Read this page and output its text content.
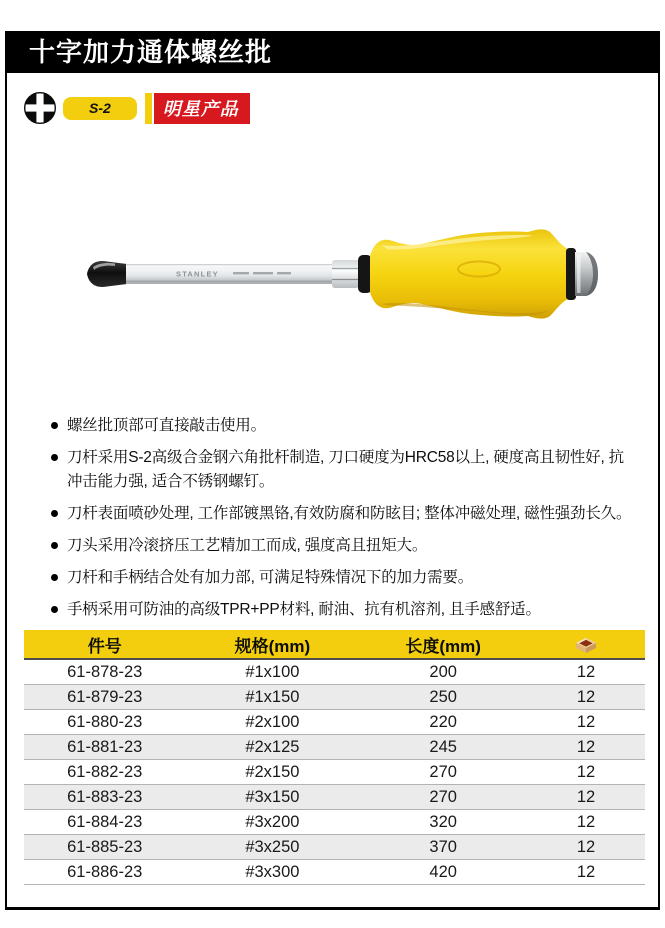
十字加力通体螺丝批
S-2	明星产品
STANLEY
螺丝批顶部可直接敲击使用。
刀杆采用S-2高级合金钢六角批杆制造, 刀口硬度为HRC58以上, 硬度高且韧性好, 抗冲击能力强, 适合不锈钢螺钉。
刀杆表面喷砂处理, 工作部镀黑铬,有效防腐和防眩目; 整体冲磁处理, 磁性强劲长久。
刀头采用冷滚挤压工艺精加工而成, 强度高且扭矩大。
刀杆和手柄结合处有加力部, 可满足特殊情况下的加力需要。
手柄采用可防油的高级TPR+PP材料, 耐油、抗有机溶剂, 且手感舒适。
件号	规格(mm)	长度(mm)	
61-878-23	#1x100	200	12
61-879-23	#1x150	250	12
61-880-23	#2x100	220	12
61-881-23	#2x125	245	12
61-882-23	#2x150	270	12
61-883-23	#3x150	270	12
61-884-23	#3x200	320	12
61-885-23	#3x250	370	12
61-886-23	#3x300	420	12
